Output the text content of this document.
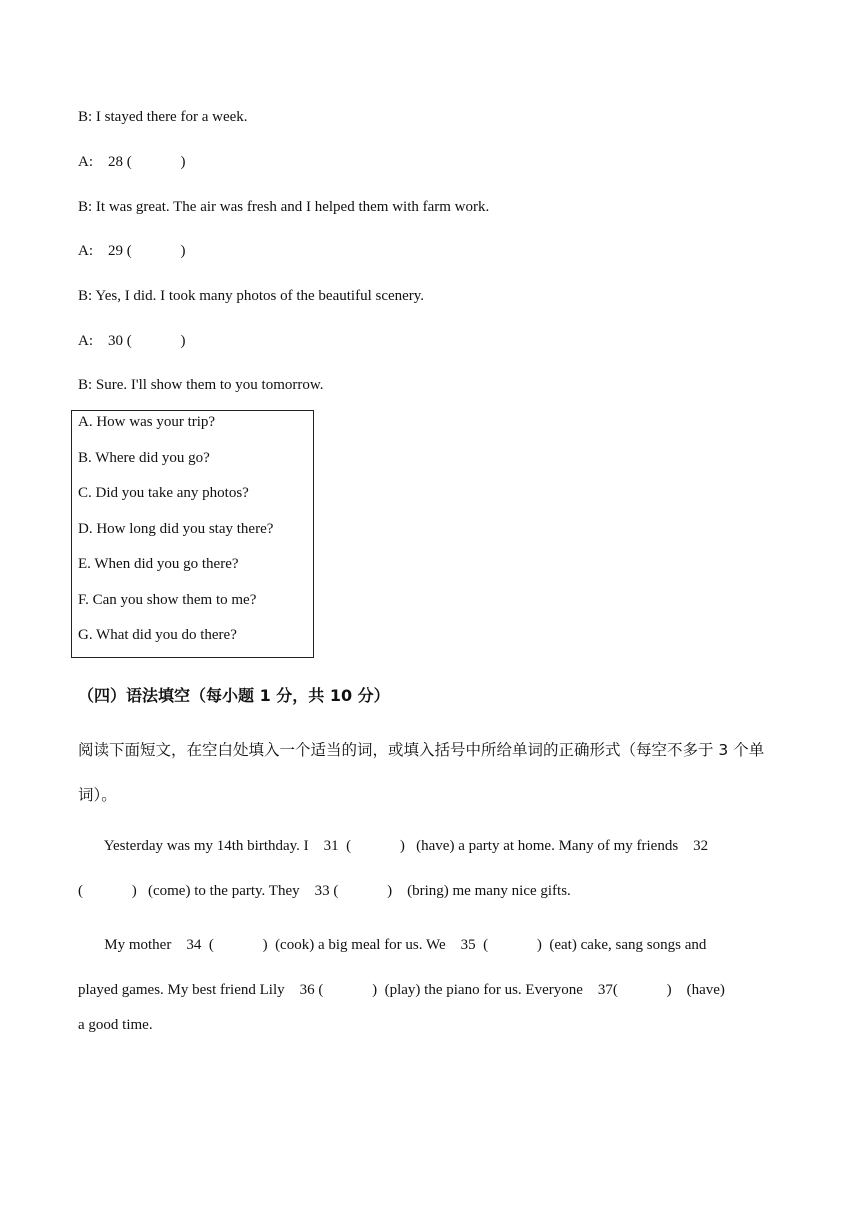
B: I stayed there for a week.
A:    28 (             )
B: It was great. The air was fresh and I helped them with farm work.
A:    29 (             )
B: Yes, I did. I took many photos of the beautiful scenery.
A:    30 (             )
B: Sure. I'll show them to you tomorrow.
A. How was your trip?
B. Where did you go?
C. Did you take any photos?
D. How long did you stay there?
E. When did you go there?
F. Can you show them to me?
G. What did you do there?
（四）语法填空（每小题 1 分，共 10 分）
阅读下面短文，在空白处填入一个适当的词，或填入括号中所给单词的正确形式（每空不多于 3 个单
词）。
Yesterday was my 14th birthday. I    31  (             )   (have) a party at home. Many of my friends    32
(             )   (come) to the party. They    33 (             )    (bring) me many nice gifts.
My mother    34  (             )  (cook) a big meal for us. We    35  (             )  (eat) cake, sang songs and
played games. My best friend Lily    36 (             )  (play) the piano for us. Everyone    37(             )    (have)
a good time.
